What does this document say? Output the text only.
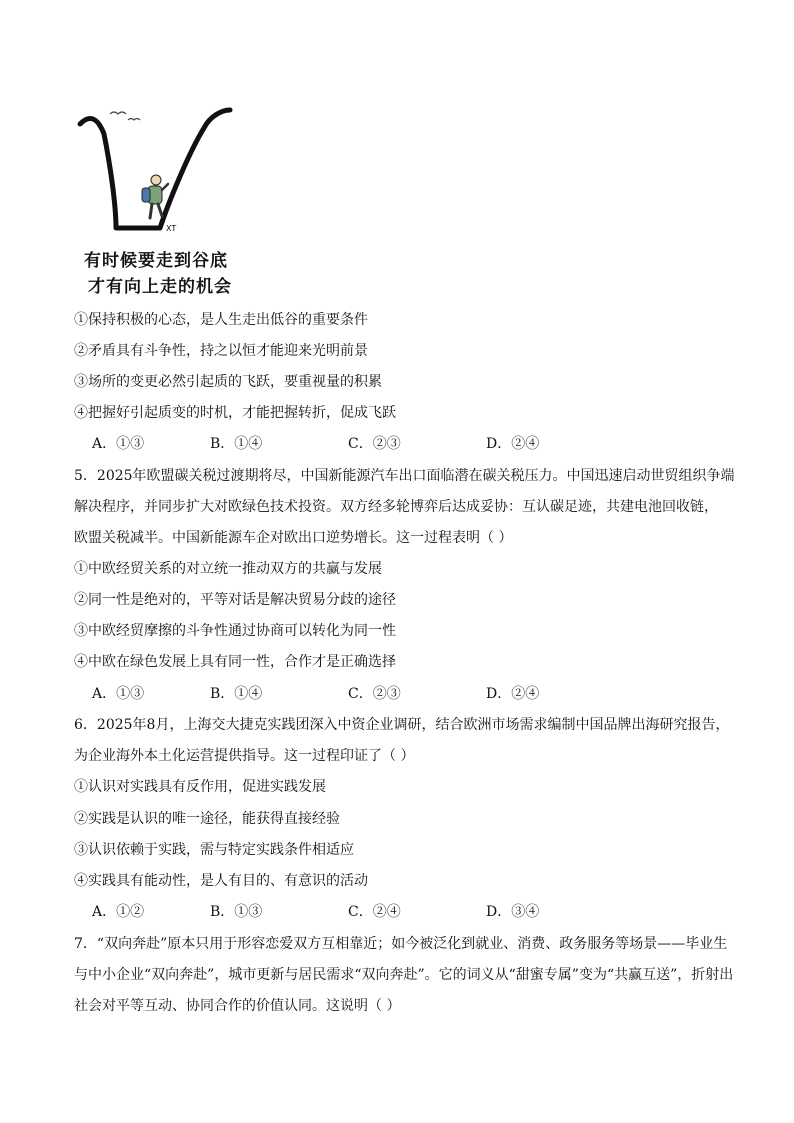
XT
有时候要走到谷底
才有向上走的机会
①保持积极的心态，是人生走出低谷的重要条件
②矛盾具有斗争性，持之以恒才能迎来光明前景
③场所的变更必然引起质的飞跃，要重视量的积累
④把握好引起质变的时机，才能把握转折，促成飞跃
A．①③	B．①④	C．②③	D．②④
5．2025年欧盟碳关税过渡期将尽，中国新能源汽车出口面临潜在碳关税压力。中国迅速启动世贸组织争端
解决程序，并同步扩大对欧绿色技术投资。双方经多轮博弈后达成妥协：互认碳足迹，共建电池回收链，
欧盟关税减半。中国新能源车企对欧出口逆势增长。这一过程表明（ ）
①中欧经贸关系的对立统一推动双方的共赢与发展
②同一性是绝对的，平等对话是解决贸易分歧的途径
③中欧经贸摩擦的斗争性通过协商可以转化为同一性
④中欧在绿色发展上具有同一性，合作才是正确选择
A．①③	B．①④	C．②③	D．②④
6．2025年8月，上海交大捷克实践团深入中资企业调研，结合欧洲市场需求编制中国品牌出海研究报告，
为企业海外本土化运营提供指导。这一过程印证了（ ）
①认识对实践具有反作用，促进实践发展
②实践是认识的唯一途径，能获得直接经验
③认识依赖于实践，需与特定实践条件相适应
④实践具有能动性，是人有目的、有意识的活动
A．①②	B．①③	C．②④	D．③④
7．“双向奔赴”原本只用于形容恋爱双方互相靠近；如今被泛化到就业、消费、政务服务等场景——毕业生
与中小企业“双向奔赴”，城市更新与居民需求“双向奔赴”。它的词义从“甜蜜专属”变为“共赢互送”，折射出
社会对平等互动、协同合作的价值认同。这说明（ ）
